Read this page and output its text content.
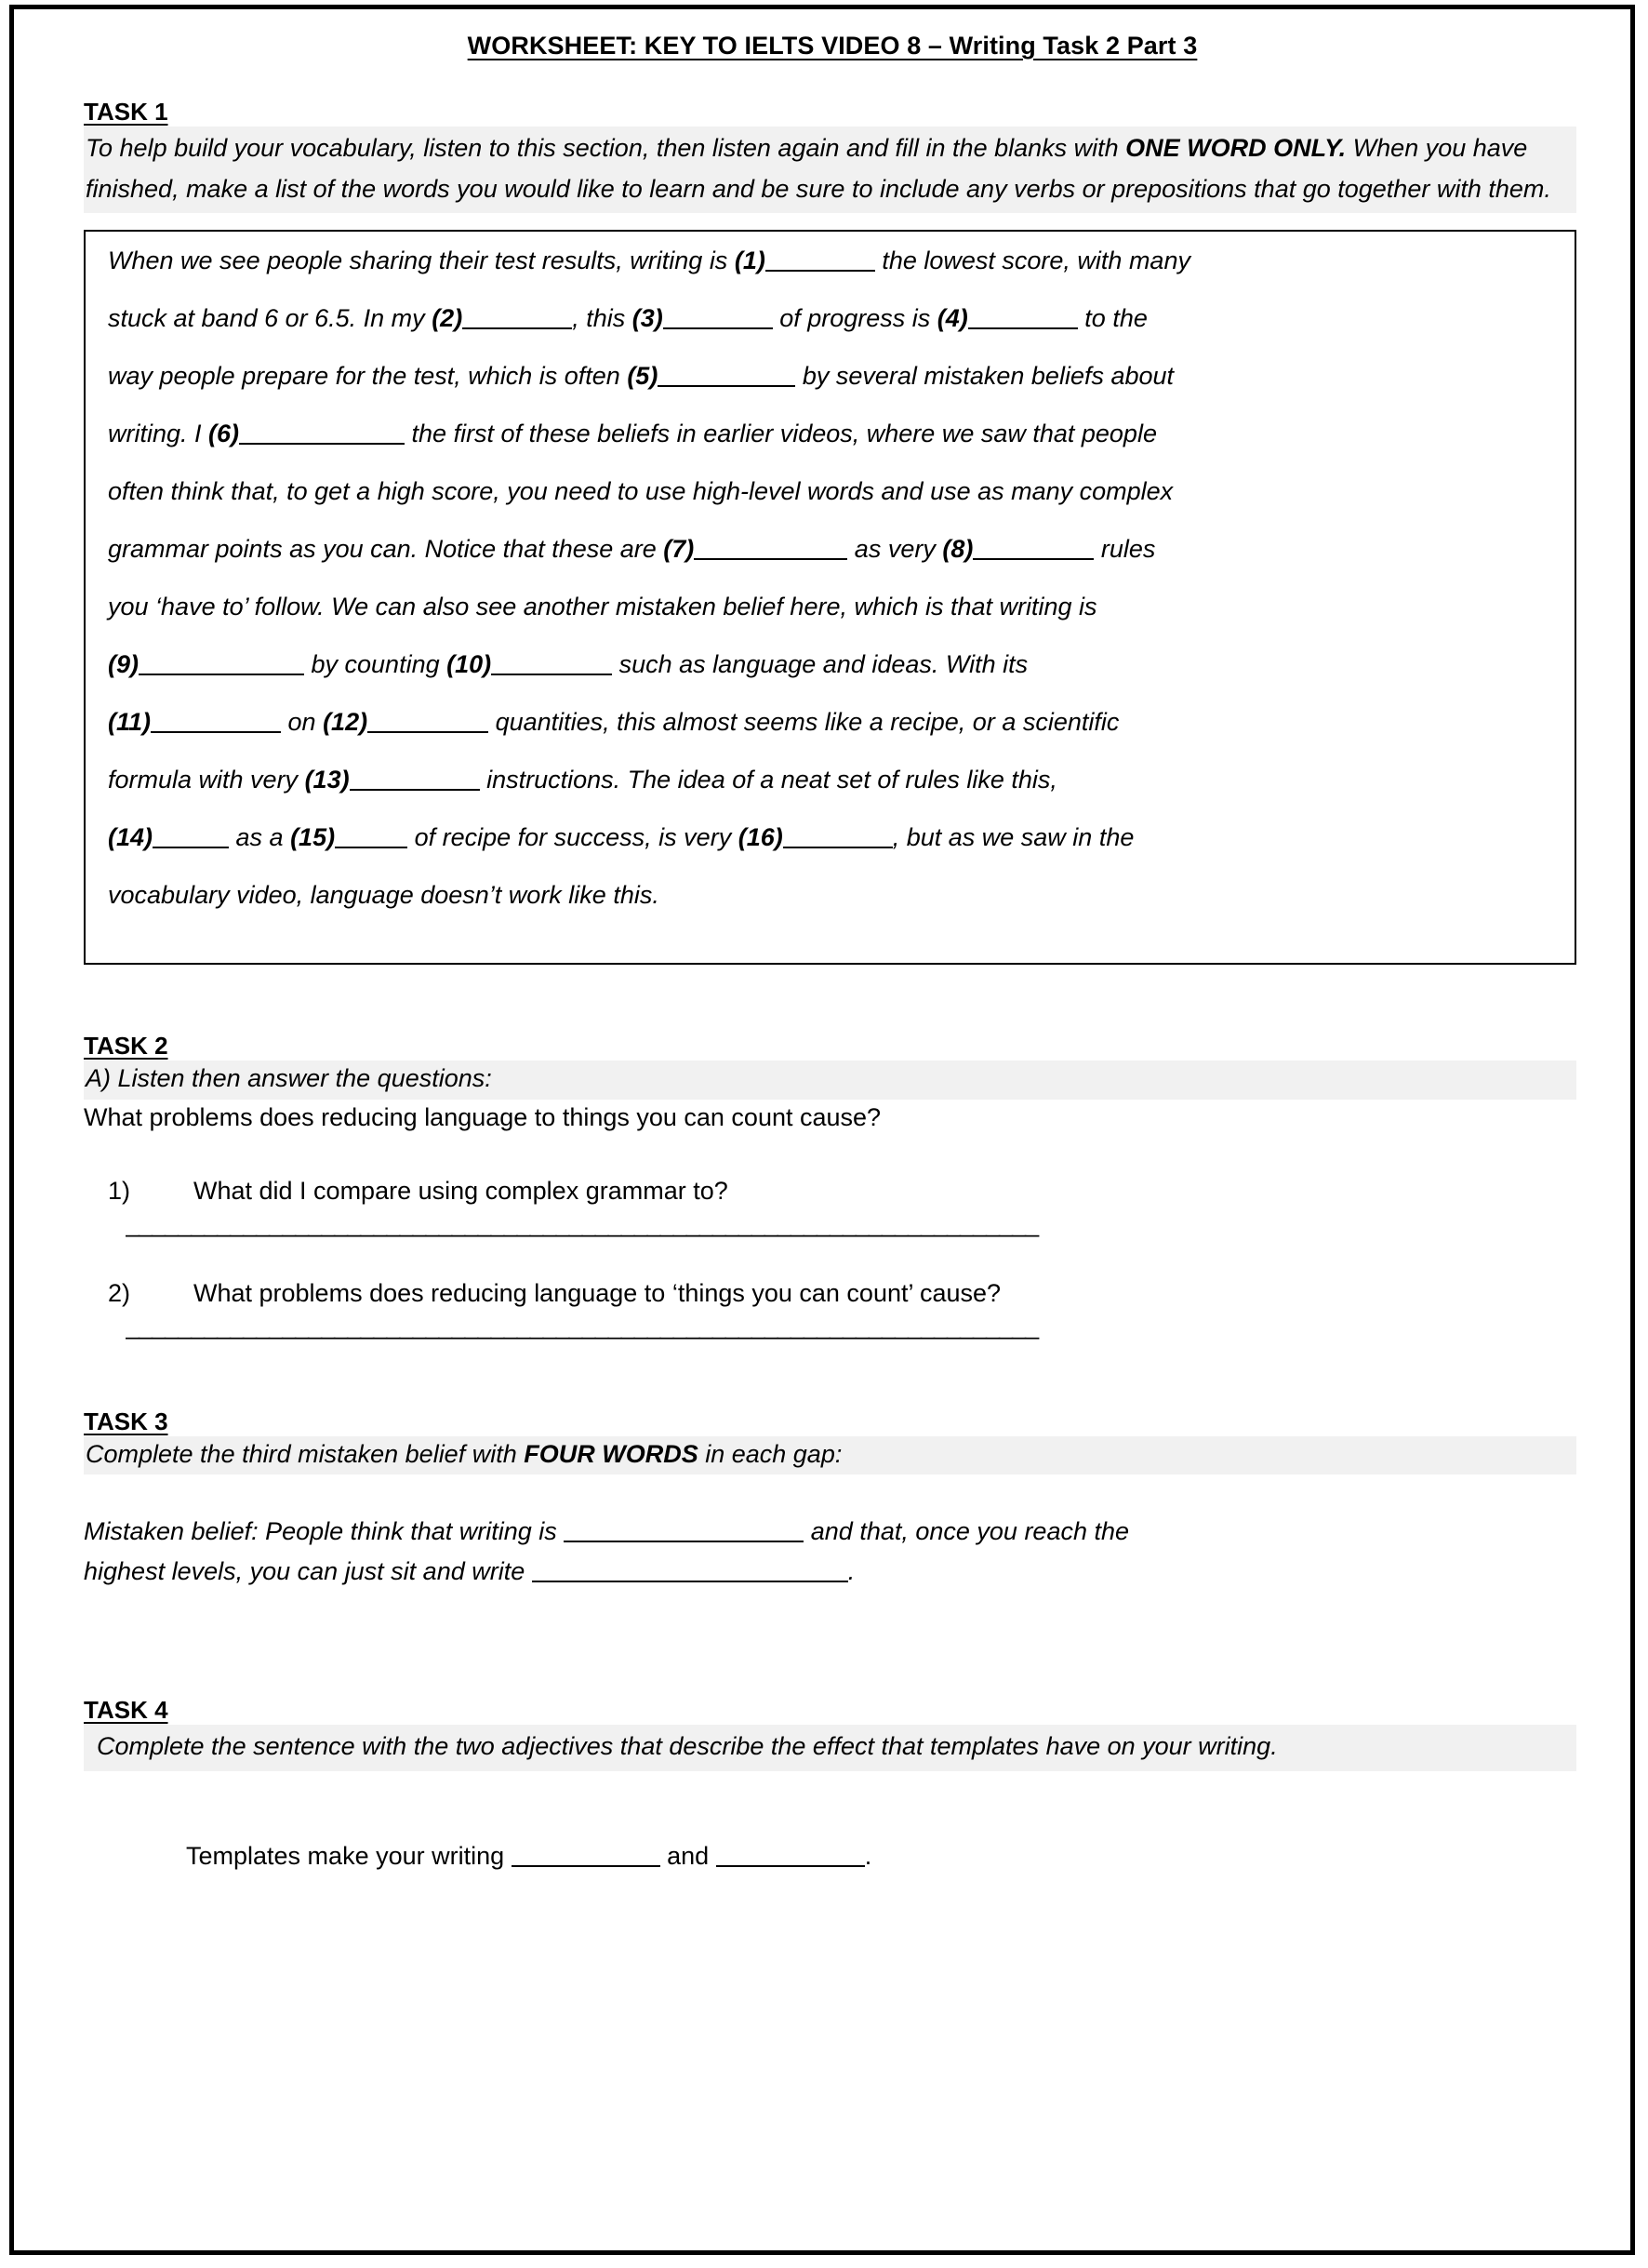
WORKSHEET: KEY TO IELTS VIDEO 8 – Writing Task 2 Part 3
TASK 1
To help build your vocabulary, listen to this section, then listen again and fill in the blanks with ONE WORD ONLY. When you have finished, make a list of the words you would like to learn and be sure to include any verbs or prepositions that go together with them.
When we see people sharing their test results, writing is (1)	the lowest score, with many
stuck at band 6 or 6.5. In my (2)	, this (3)	of progress is (4)	to the
way people prepare for the test, which is often (5)	by several mistaken beliefs about
writing. I (6)	the first of these beliefs in earlier videos, where we saw that people
often think that, to get a high score, you need to use high-level words and use as many complex
grammar points as you can. Notice that these are (7)	as very (8)	rules
you ‘have to’ follow. We can also see another mistaken belief here, which is that writing is
(9)	by counting (10)	such as language and ideas. With its
(11)	on (12)	quantities, this almost seems like a recipe, or a scientific
formula with very (13)	instructions. The idea of a neat set of rules like this,
(14)	as a (15)	of recipe for success, is very (16)	, but as we saw in the
vocabulary video, language doesn’t work like this.
TASK 2
A) Listen then answer the questions:
What problems does reducing language to things you can count cause?
1)	What did I compare using complex grammar to?
______________________________________________________________________
2)	What problems does reducing language to ‘things you can count’ cause?
______________________________________________________________________
TASK 3
Complete the third mistaken belief with FOUR WORDS in each gap:
Mistaken belief: People think that writing is	and that, once you reach the
highest levels, you can just sit and write	.
TASK 4
Complete the sentence with the two adjectives that describe the effect that templates have on your writing.
Templates make your writing	and	.
